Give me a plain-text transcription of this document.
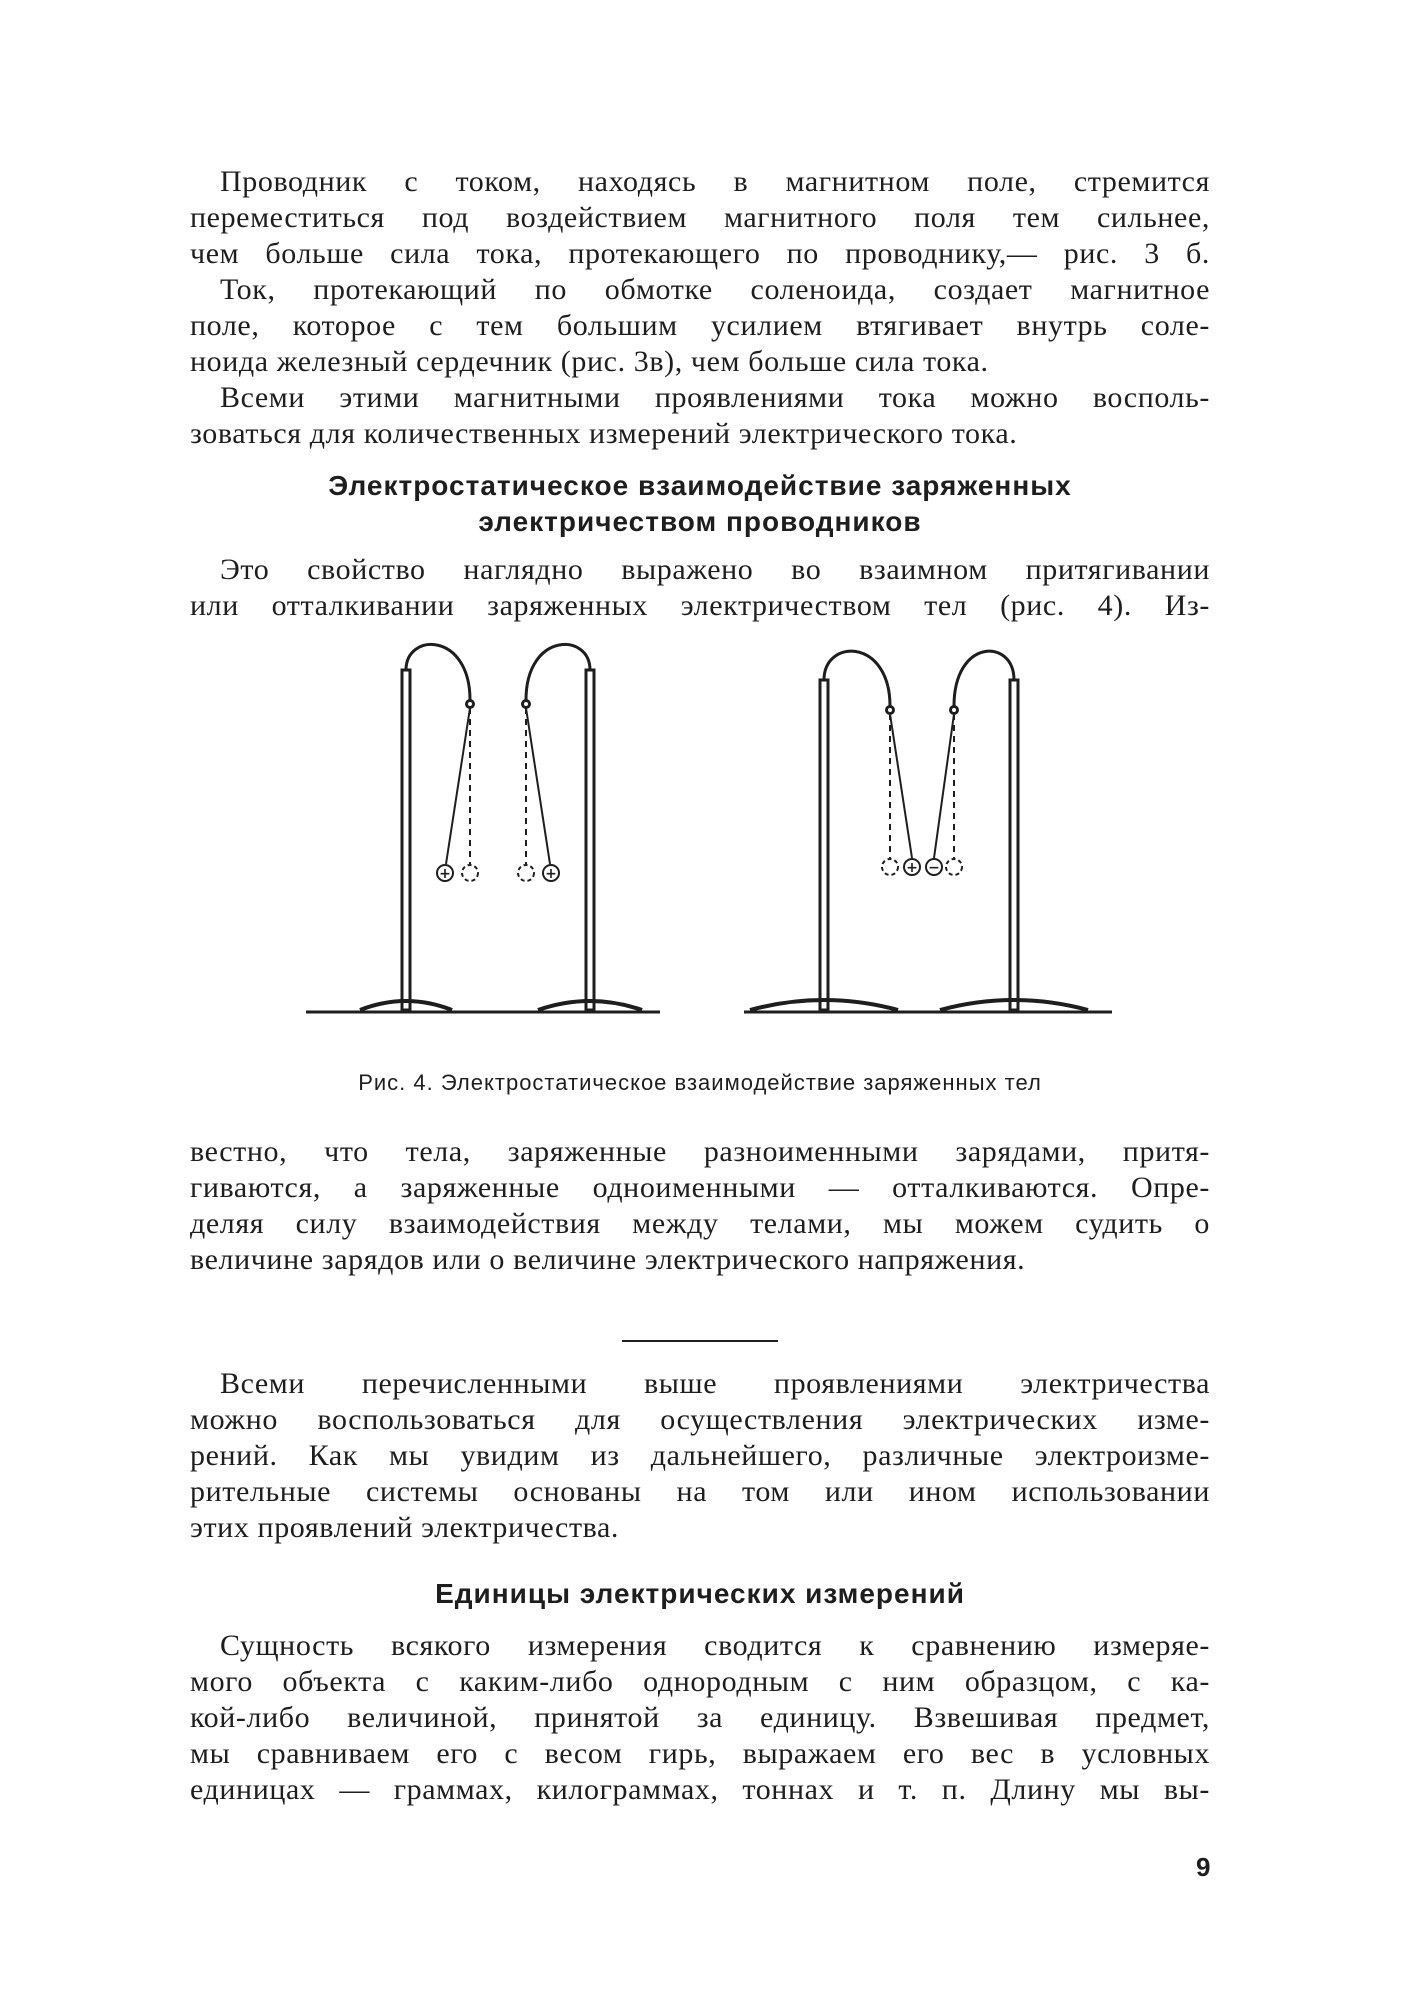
Проводник с током, находясь в магнитном поле, стремится
переместиться под воздействием магнитного поля тем сильнее,
чем больше сила тока, протекающего по проводнику,— рис. 3 б.
Ток, протекающий по обмотке соленоида, создает магнитное
поле, которое с тем большим усилием втягивает внутрь соле-
ноида железный сердечник (рис. 3в), чем больше сила тока.
Всеми этими магнитными проявлениями тока можно восполь-
зоваться для количественных измерений электрического тока.
Электростатическое взаимодействие заряженных
электричеством проводников
Это свойство наглядно выражено во взаимном притягивании
или отталкивании заряженных электричеством тел (рис. 4). Из-
+	+	+ −
Рис. 4. Электростатическое взаимодействие заряженных тел
вестно, что тела, заряженные разноименными зарядами, притя-
гиваются, а заряженные одноименными — отталкиваются. Опре-
деляя силу взаимодействия между телами, мы можем судить о
величине зарядов или о величине электрического напряжения.
Всеми перечисленными выше проявлениями электричества
можно воспользоваться для осуществления электрических изме-
рений. Как мы увидим из дальнейшего, различные электроизме-
рительные системы основаны на том или ином использовании
этих проявлений электричества.
Единицы электрических измерений
Сущность всякого измерения сводится к сравнению измеряе-
мого объекта с каким-либо однородным с ним образцом, с ка-
кой-либо величиной, принятой за единицу. Взвешивая предмет,
мы сравниваем его с весом гирь, выражаем его вес в условных
единицах — граммах, килограммах, тоннах и т. п. Длину мы вы-
9
